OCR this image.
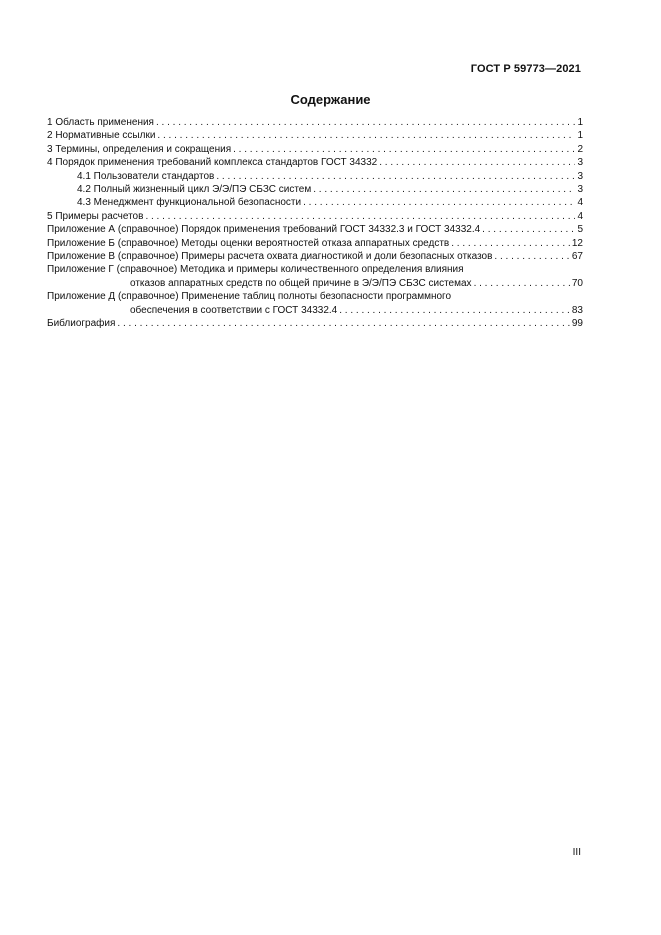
ГОСТ Р 59773—2021
Содержание
1 Область применения . . .	1
2 Нормативные ссылки . . .	1
3 Термины, определения и сокращения . . .	2
4 Порядок применения требований комплекса стандартов ГОСТ 34332 . . .	3
4.1 Пользователи стандартов . . .	3
4.2 Полный жизненный цикл Э/Э/ПЭ СБЗС систем . . .	3
4.3 Менеджмент функциональной безопасности . . .	4
5 Примеры расчетов . . .	4
Приложение А (справочное) Порядок применения требований ГОСТ 34332.3 и ГОСТ 34332.4 . . .	5
Приложение Б (справочное) Методы оценки вероятностей отказа аппаратных средств . . .	12
Приложение В (справочное) Примеры расчета охвата диагностикой и доли безопасных отказов . . .	67
Приложение Г (справочное) Методика и примеры количественного определения влияния
отказов аппаратных средств по общей причине в Э/Э/ПЭ СБЗС системах . . .	70
Приложение Д (справочное) Применение таблиц полноты безопасности программного
обеспечения в соответствии с ГОСТ 34332.4 . . .	83
Библиография . . .	99
III
